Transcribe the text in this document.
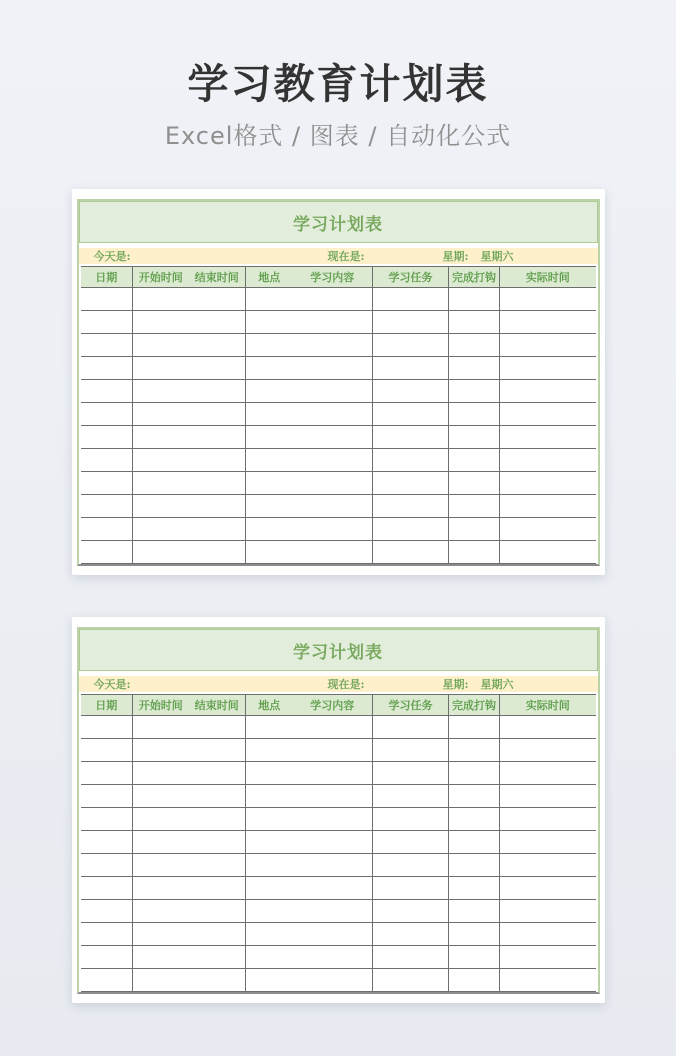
学习教育计划表
Excel格式 / 图表 / 自动化公式
学习计划表
今天是:	现在是:	星期: 星期六
日期	开始时间	结束时间	地点	学习内容	学习任务	完成打钩	实际时间

学习计划表
今天是:	现在是:	星期: 星期六
日期	开始时间	结束时间	地点	学习内容	学习任务	完成打钩	实际时间
